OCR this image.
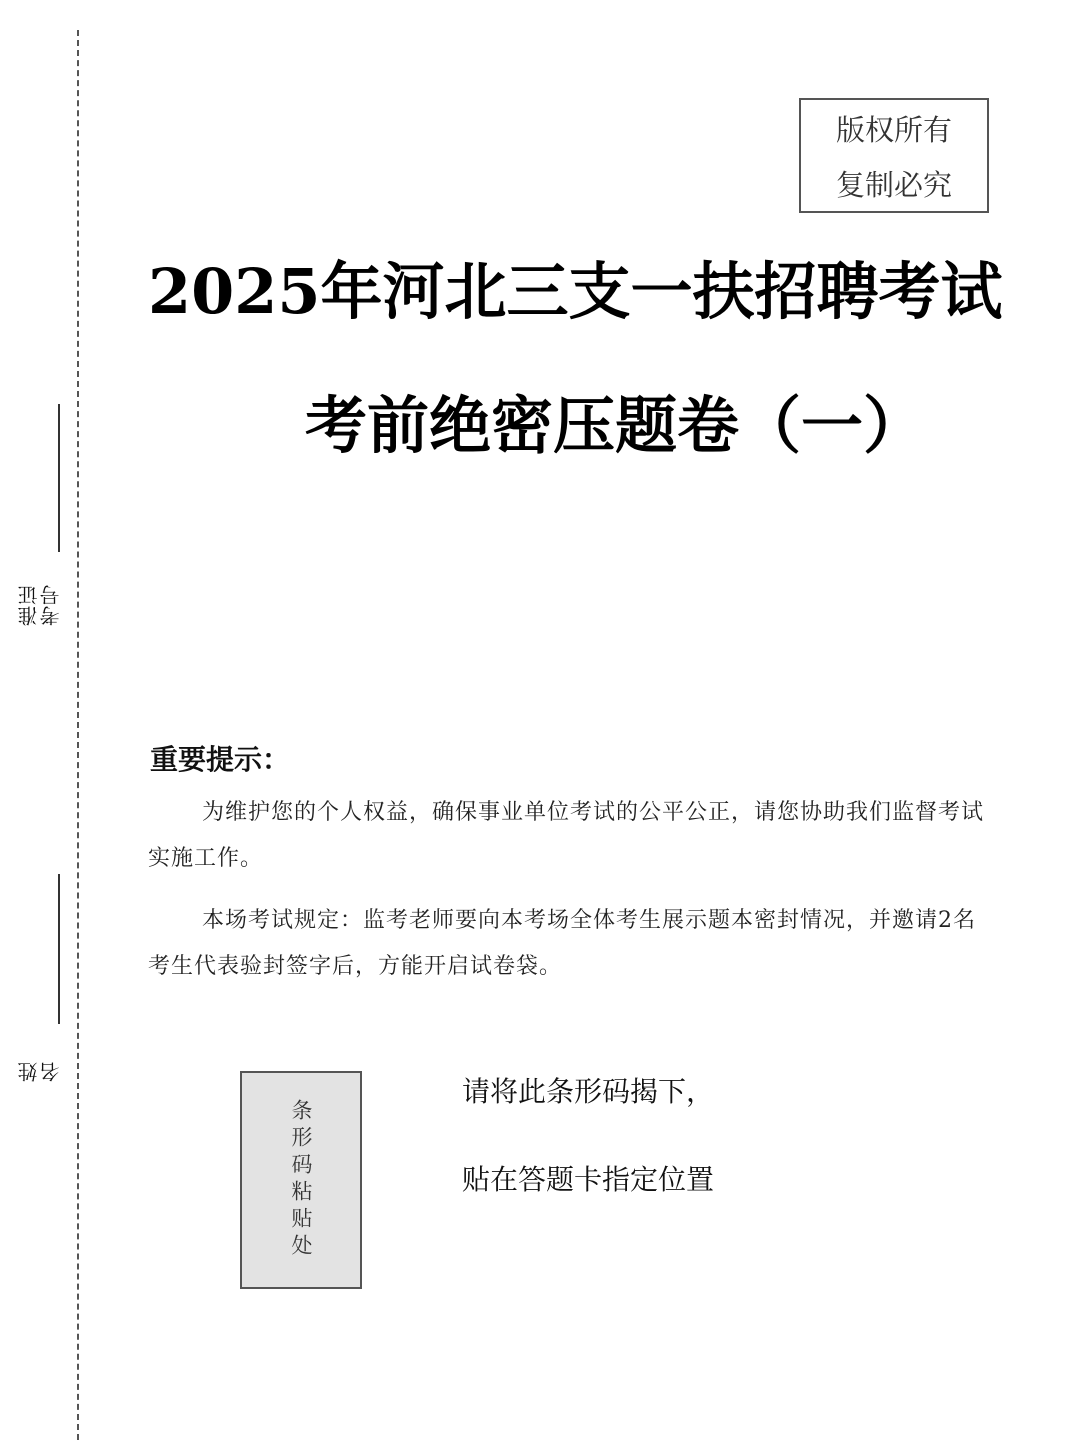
准证考号
姓名
版权所有
复制必究
2025年河北三支一扶招聘考试
考前绝密压题卷（一）
重要提示：
为维护您的个人权益，确保事业单位考试的公平公正，请您协助我们监督考试实施工作。
本场考试规定：监考老师要向本考场全体考生展示题本密封情况，并邀请2名考生代表验封签字后，方能开启试卷袋。
条形码粘贴处
请将此条形码揭下，
贴在答题卡指定位置
